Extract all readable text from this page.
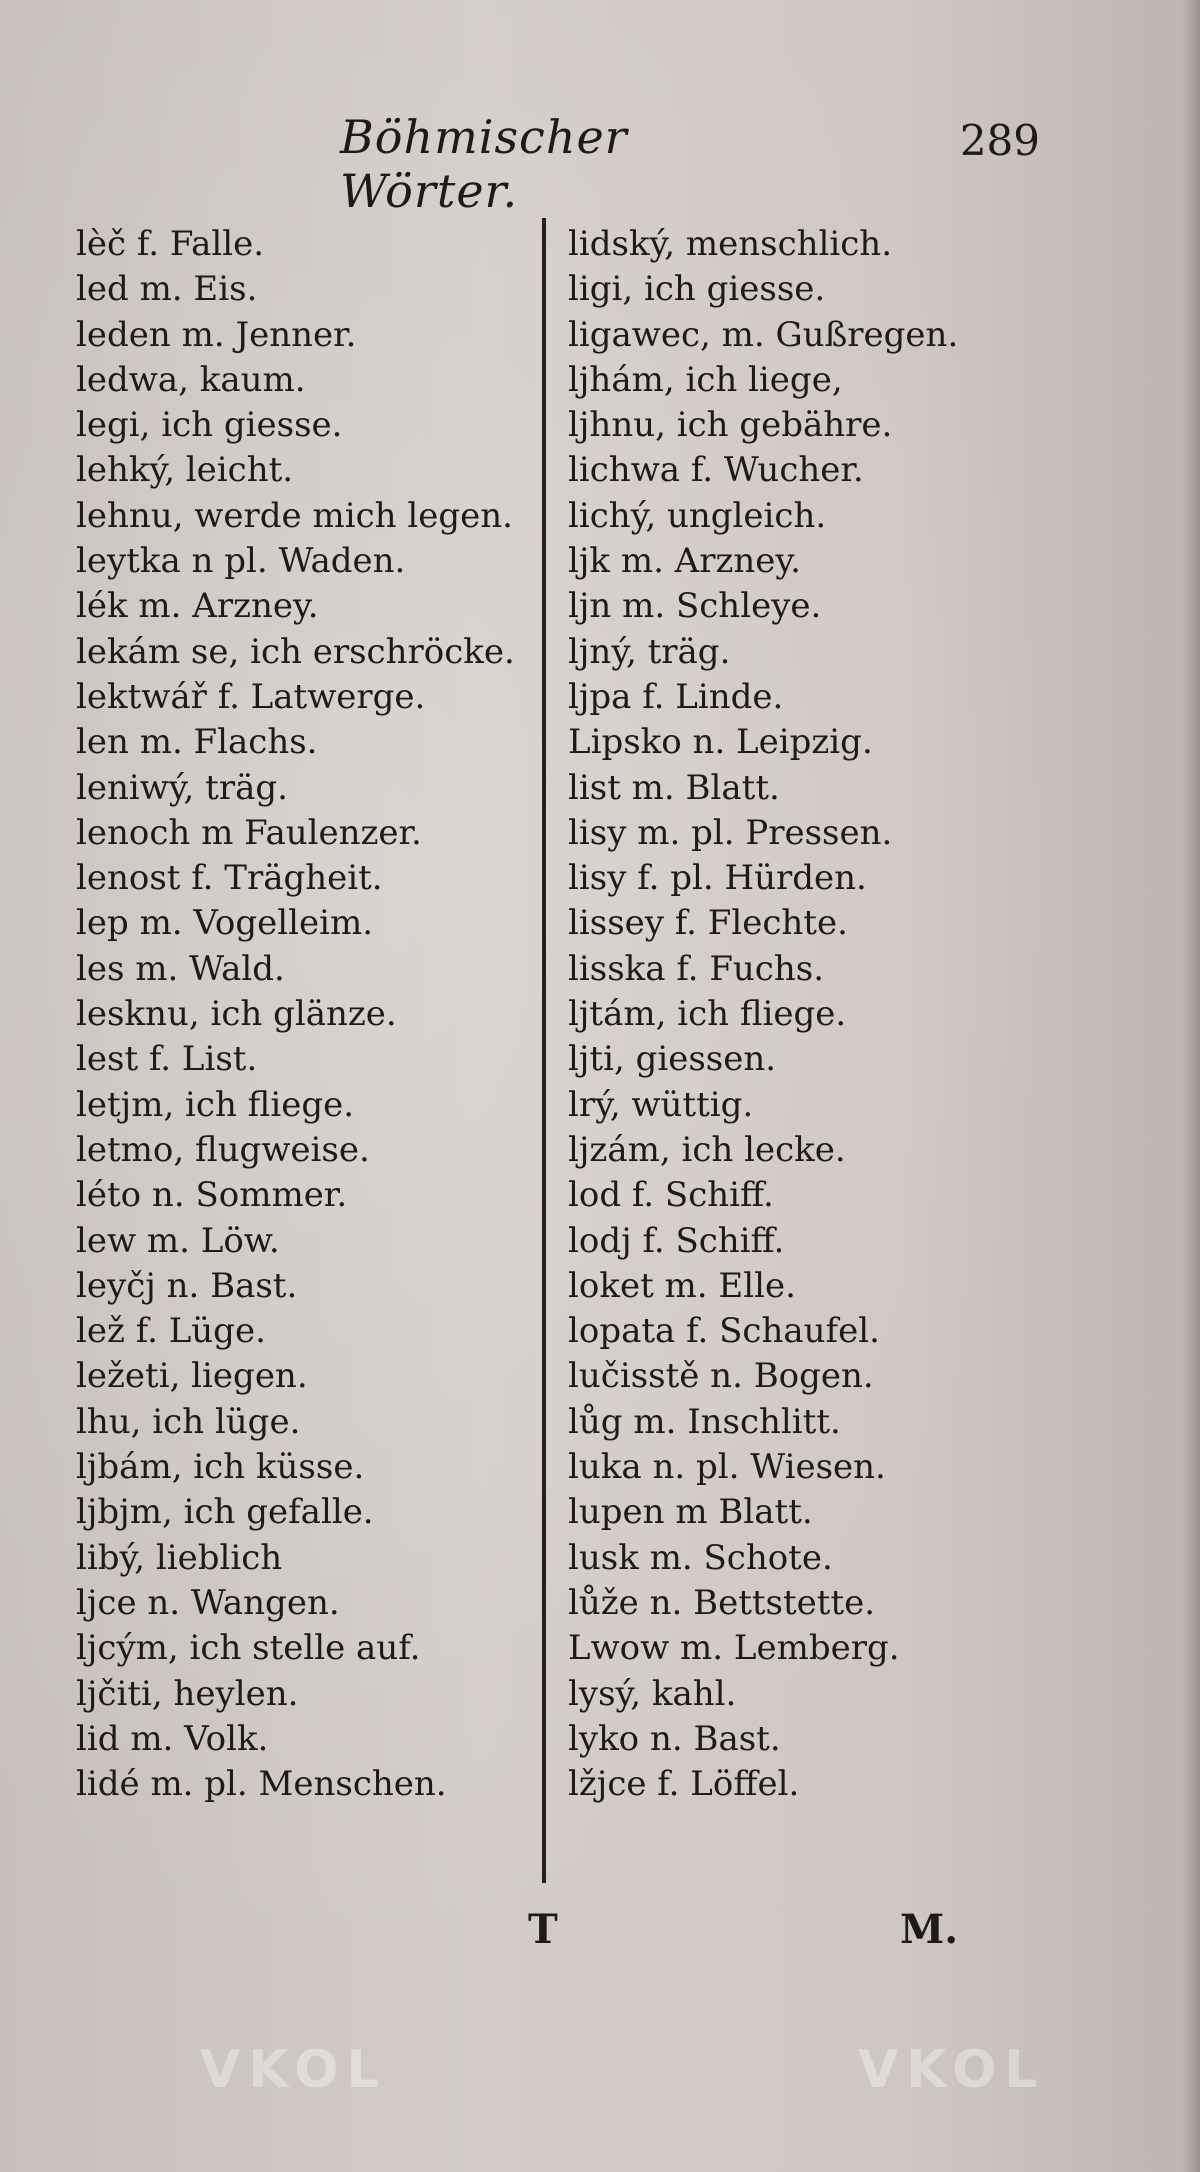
Böhmischer Wörter.
289
lèč f. Falle.
led m. Eis.
leden m. Jenner.
ledwa, kaum.
legi, ich giesse.
lehký, leicht.
lehnu, werde mich legen.
leytka n pl. Waden.
lék m. Arzney.
lekám se, ich erschröcke.
lektwář f. Latwerge.
len m. Flachs.
leniwý, träg.
lenoch m Faulenzer.
lenost f. Trägheit.
lep m. Vogelleim.
les m. Wald.
lesknu, ich glänze.
lest f. List.
letjm, ich fliege.
letmo, flugweise.
léto n. Sommer.
lew m. Löw.
leyčj n. Bast.
lež f. Lüge.
ležeti, liegen.
lhu, ich lüge.
ljbám, ich küsse.
ljbjm, ich gefalle.
libý, lieblich
ljce n. Wangen.
ljcým, ich stelle auf.
ljčiti, heylen.
lid m. Volk.
lidé m. pl. Menschen.
lidský, menschlich.
ligi, ich giesse.
ligawec, m. Gußregen.
ljhám, ich liege,
ljhnu, ich gebähre.
lichwa f. Wucher.
lichý, ungleich.
ljk m. Arzney.
ljn m. Schleye.
ljný, träg.
ljpa f. Linde.
Lipsko n. Leipzig.
list m. Blatt.
lisy m. pl. Pressen.
lisy f. pl. Hürden.
lissey f. Flechte.
lisska f. Fuchs.
ljtám, ich fliege.
ljti, giessen.
lrý, wüttig.
ljzám, ich lecke.
lod f. Schiff.
lodj f. Schiff.
loket m. Elle.
lopata f. Schaufel.
lučisstě n. Bogen.
lůg m. Inschlitt.
luka n. pl. Wiesen.
lupen m Blatt.
lusk m. Schote.
lůže n. Bettstette.
Lwow m. Lemberg.
lysý, kahl.
lyko n. Bast.
lžjce f. Löffel.
T	M.
VKOL	VKOL
